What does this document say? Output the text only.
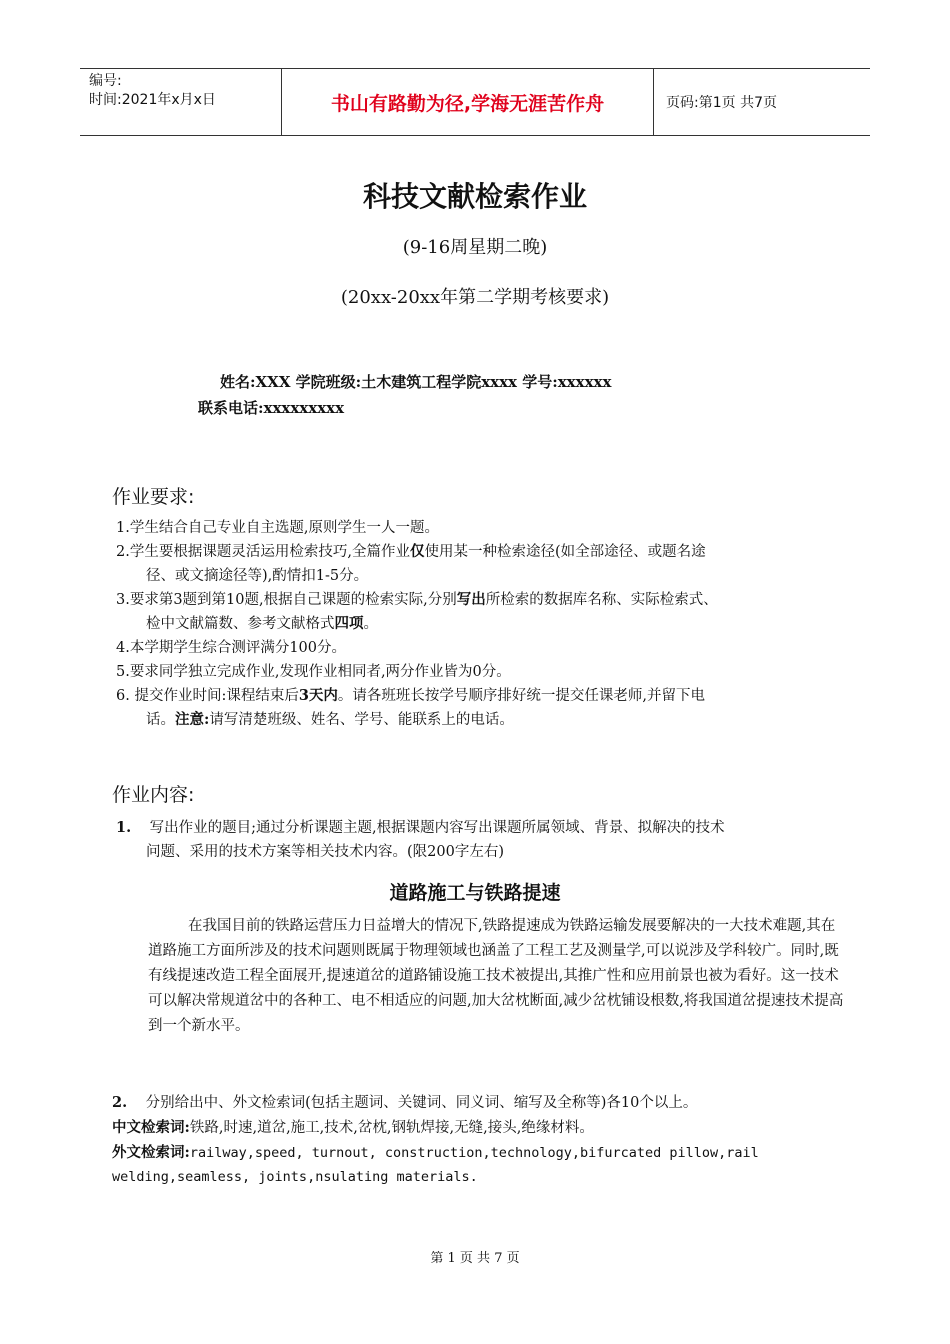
编号:
时间:2021年x月x日	书山有路勤为径,学海无涯苦作舟	页码:第1页 共7页
科技文献检索作业
(9-16周星期二晚)
(20xx-20xx年第二学期考核要求)
姓名:XXX 学院班级:土木建筑工程学院xxxx 学号:xxxxxx
联系电话:xxxxxxxxx
作业要求:
1.学生结合自己专业自主选题,原则学生一人一题。
2.学生要根据课题灵活运用检索技巧,全篇作业仅使用某一种检索途径(如全部途径、或题名途
径、或文摘途径等),酌情扣1-5分。
3.要求第3题到第10题,根据自己课题的检索实际,分别写出所检索的数据库名称、实际检索式、
检中文献篇数、参考文献格式四项。
4.本学期学生综合测评满分100分。
5.要求同学独立完成作业,发现作业相同者,两分作业皆为0分。
6. 提交作业时间:课程结束后3天内。请各班班长按学号顺序排好统一提交任课老师,并留下电
话。注意:请写清楚班级、姓名、学号、能联系上的电话。
作业内容:
1. 写出作业的题目;通过分析课题主题,根据课题内容写出课题所属领域、背景、拟解决的技术
问题、采用的技术方案等相关技术内容。(限200字左右)
道路施工与铁路提速
在我国目前的铁路运营压力日益增大的情况下,铁路提速成为铁路运输发展要解决的一大技术难题,其在道路施工方面所涉及的技术问题则既属于物理领域也涵盖了工程工艺及测量学,可以说涉及学科较广。同时,既有线提速改造工程全面展开,提速道岔的道路铺设施工技术被提出,其推广性和应用前景也被为看好。这一技术可以解决常规道岔中的各种工、电不相适应的问题,加大岔枕断面,减少岔枕铺设根数,将我国道岔提速技术提高到一个新水平。
2. 分别给出中、外文检索词(包括主题词、关键词、同义词、缩写及全称等)各10个以上。
中文检索词:铁路,时速,道岔,施工,技术,岔枕,钢轨焊接,无缝,接头,绝缘材料。
外文检索词:railway,speed, turnout, construction,technology,bifurcated pillow,rail
welding,seamless, joints,nsulating materials.
第 1 页 共 7 页
